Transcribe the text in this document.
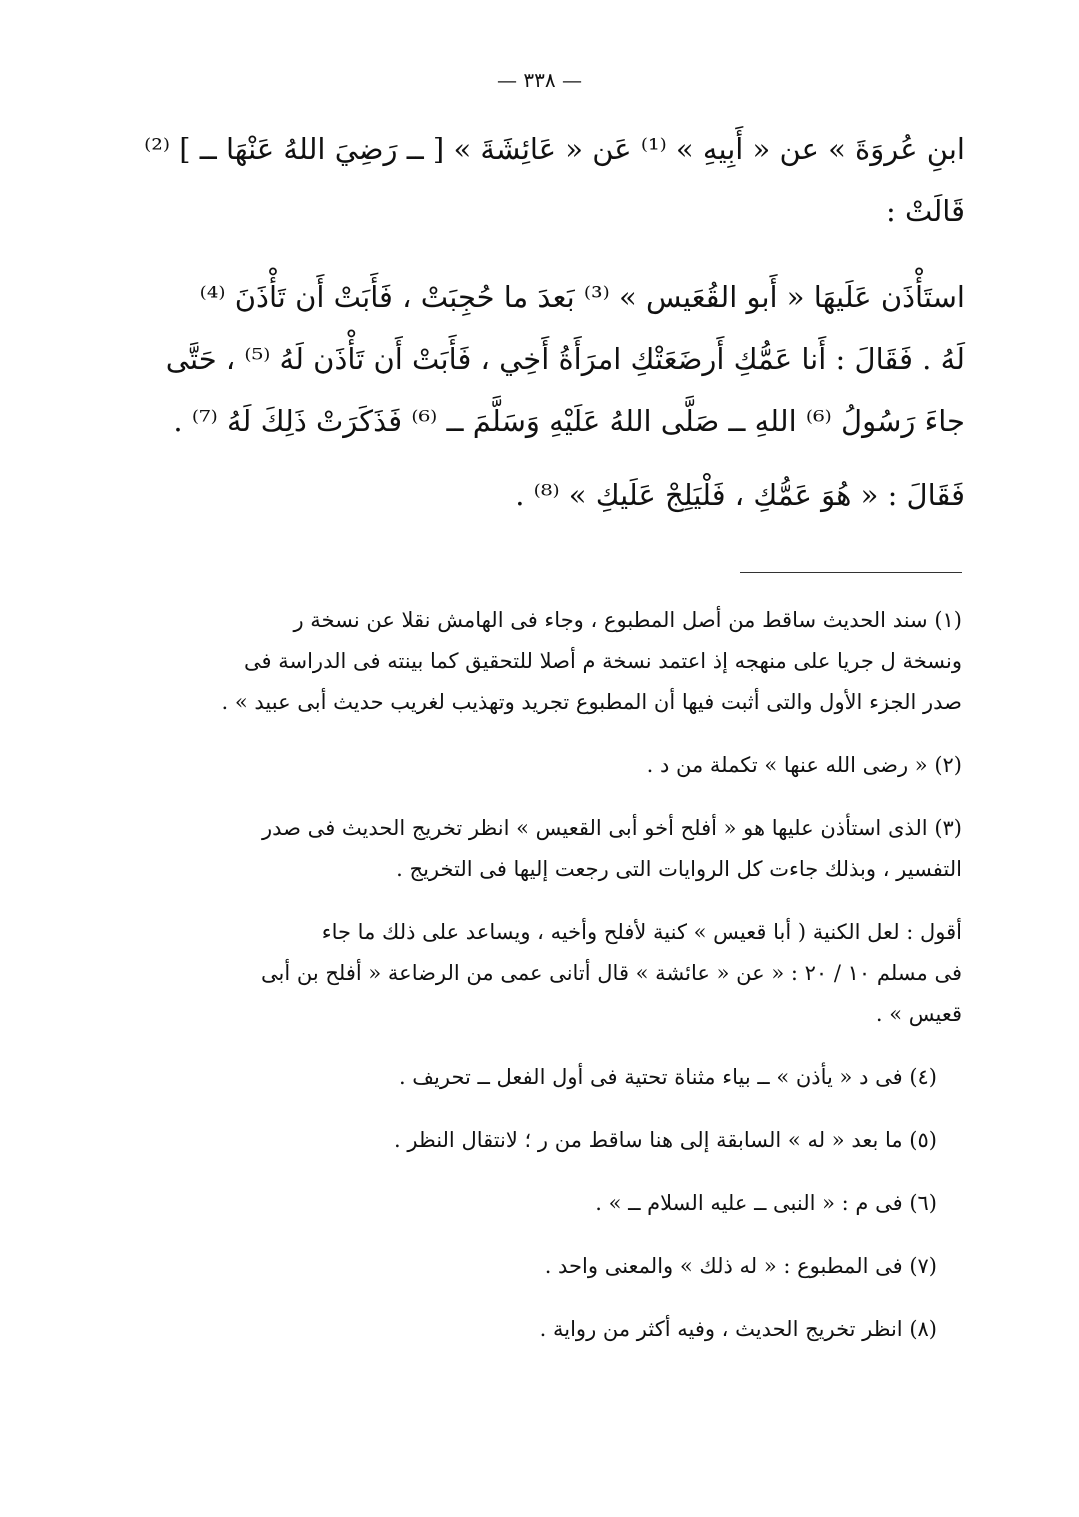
— ٣٣٨ —
ابنِ عُروَةَ » عن « أَبِيهِ » ⁽¹⁾ عَن « عَائِشَةَ » [ ــ رَضِيَ اللهُ عَنْهَا ــ ] ⁽²⁾
قَالَتْ :
استَأْذَن عَلَيهَا « أَبو القُعَيس » ⁽³⁾ بَعدَ ما حُجِبَتْ ، فَأَبَتْ أَن تَأْذَنَ ⁽⁴⁾
لَهُ . فَقَالَ : أَنا عَمُّكِ أَرضَعَتْكِ امرَأَةُ أَخِي ، فَأَبَتْ أَن تَأْذَن لَهُ ⁽⁵⁾ ، حَتَّى
جاءَ رَسُولُ ⁽⁶⁾ اللهِ ــ صَلَّى اللهُ عَلَيْهِ وَسَلَّمَ ــ ⁽⁶⁾ فَذَكَرَتْ ذَلِكَ لَهُ ⁽⁷⁾ .
فَقَالَ : « هُوَ عَمُّكِ ، فَلْيَلِجْ عَلَيكِ » ⁽⁸⁾ .
(١) سند الحديث ساقط من أصل المطبوع ، وجاء فى الهامش نقلا عن نسخة ر
ونسخة ل جريا على منهجه إذ اعتمد نسخة م أصلا للتحقيق كما بينته فى الدراسة فى
صدر الجزء الأول والتى أثبت فيها أن المطبوع تجريد وتهذيب لغريب حديث أبى عبيد » .
(٢) « رضى الله عنها » تكملة من د .
(٣) الذى استأذن عليها هو « أفلح أخو أبى القعيس » انظر تخريج الحديث فى صدر
التفسير ، وبذلك جاءت كل الروايات التى رجعت إليها فى التخريج .
أقول : لعل الكنية ( أبا قعيس » كنية لأفلح وأخيه ، ويساعد على ذلك ما جاء
فى مسلم ١٠ / ٢٠ : « عن « عائشة » قال أتانى عمى من الرضاعة « أفلح بن أبى
قعيس » .
(٤) فى د « يأذن » ــ بياء مثناة تحتية فى أول الفعل ــ تحريف .
(٥) ما بعد « له » السابقة إلى هنا ساقط من ر ؛ لانتقال النظر .
(٦) فى م : « النبى ــ عليه السلام ــ » .
(٧) فى المطبوع : « له ذلك » والمعنى واحد .
(٨) انظر تخريج الحديث ، وفيه أكثر من رواية .
